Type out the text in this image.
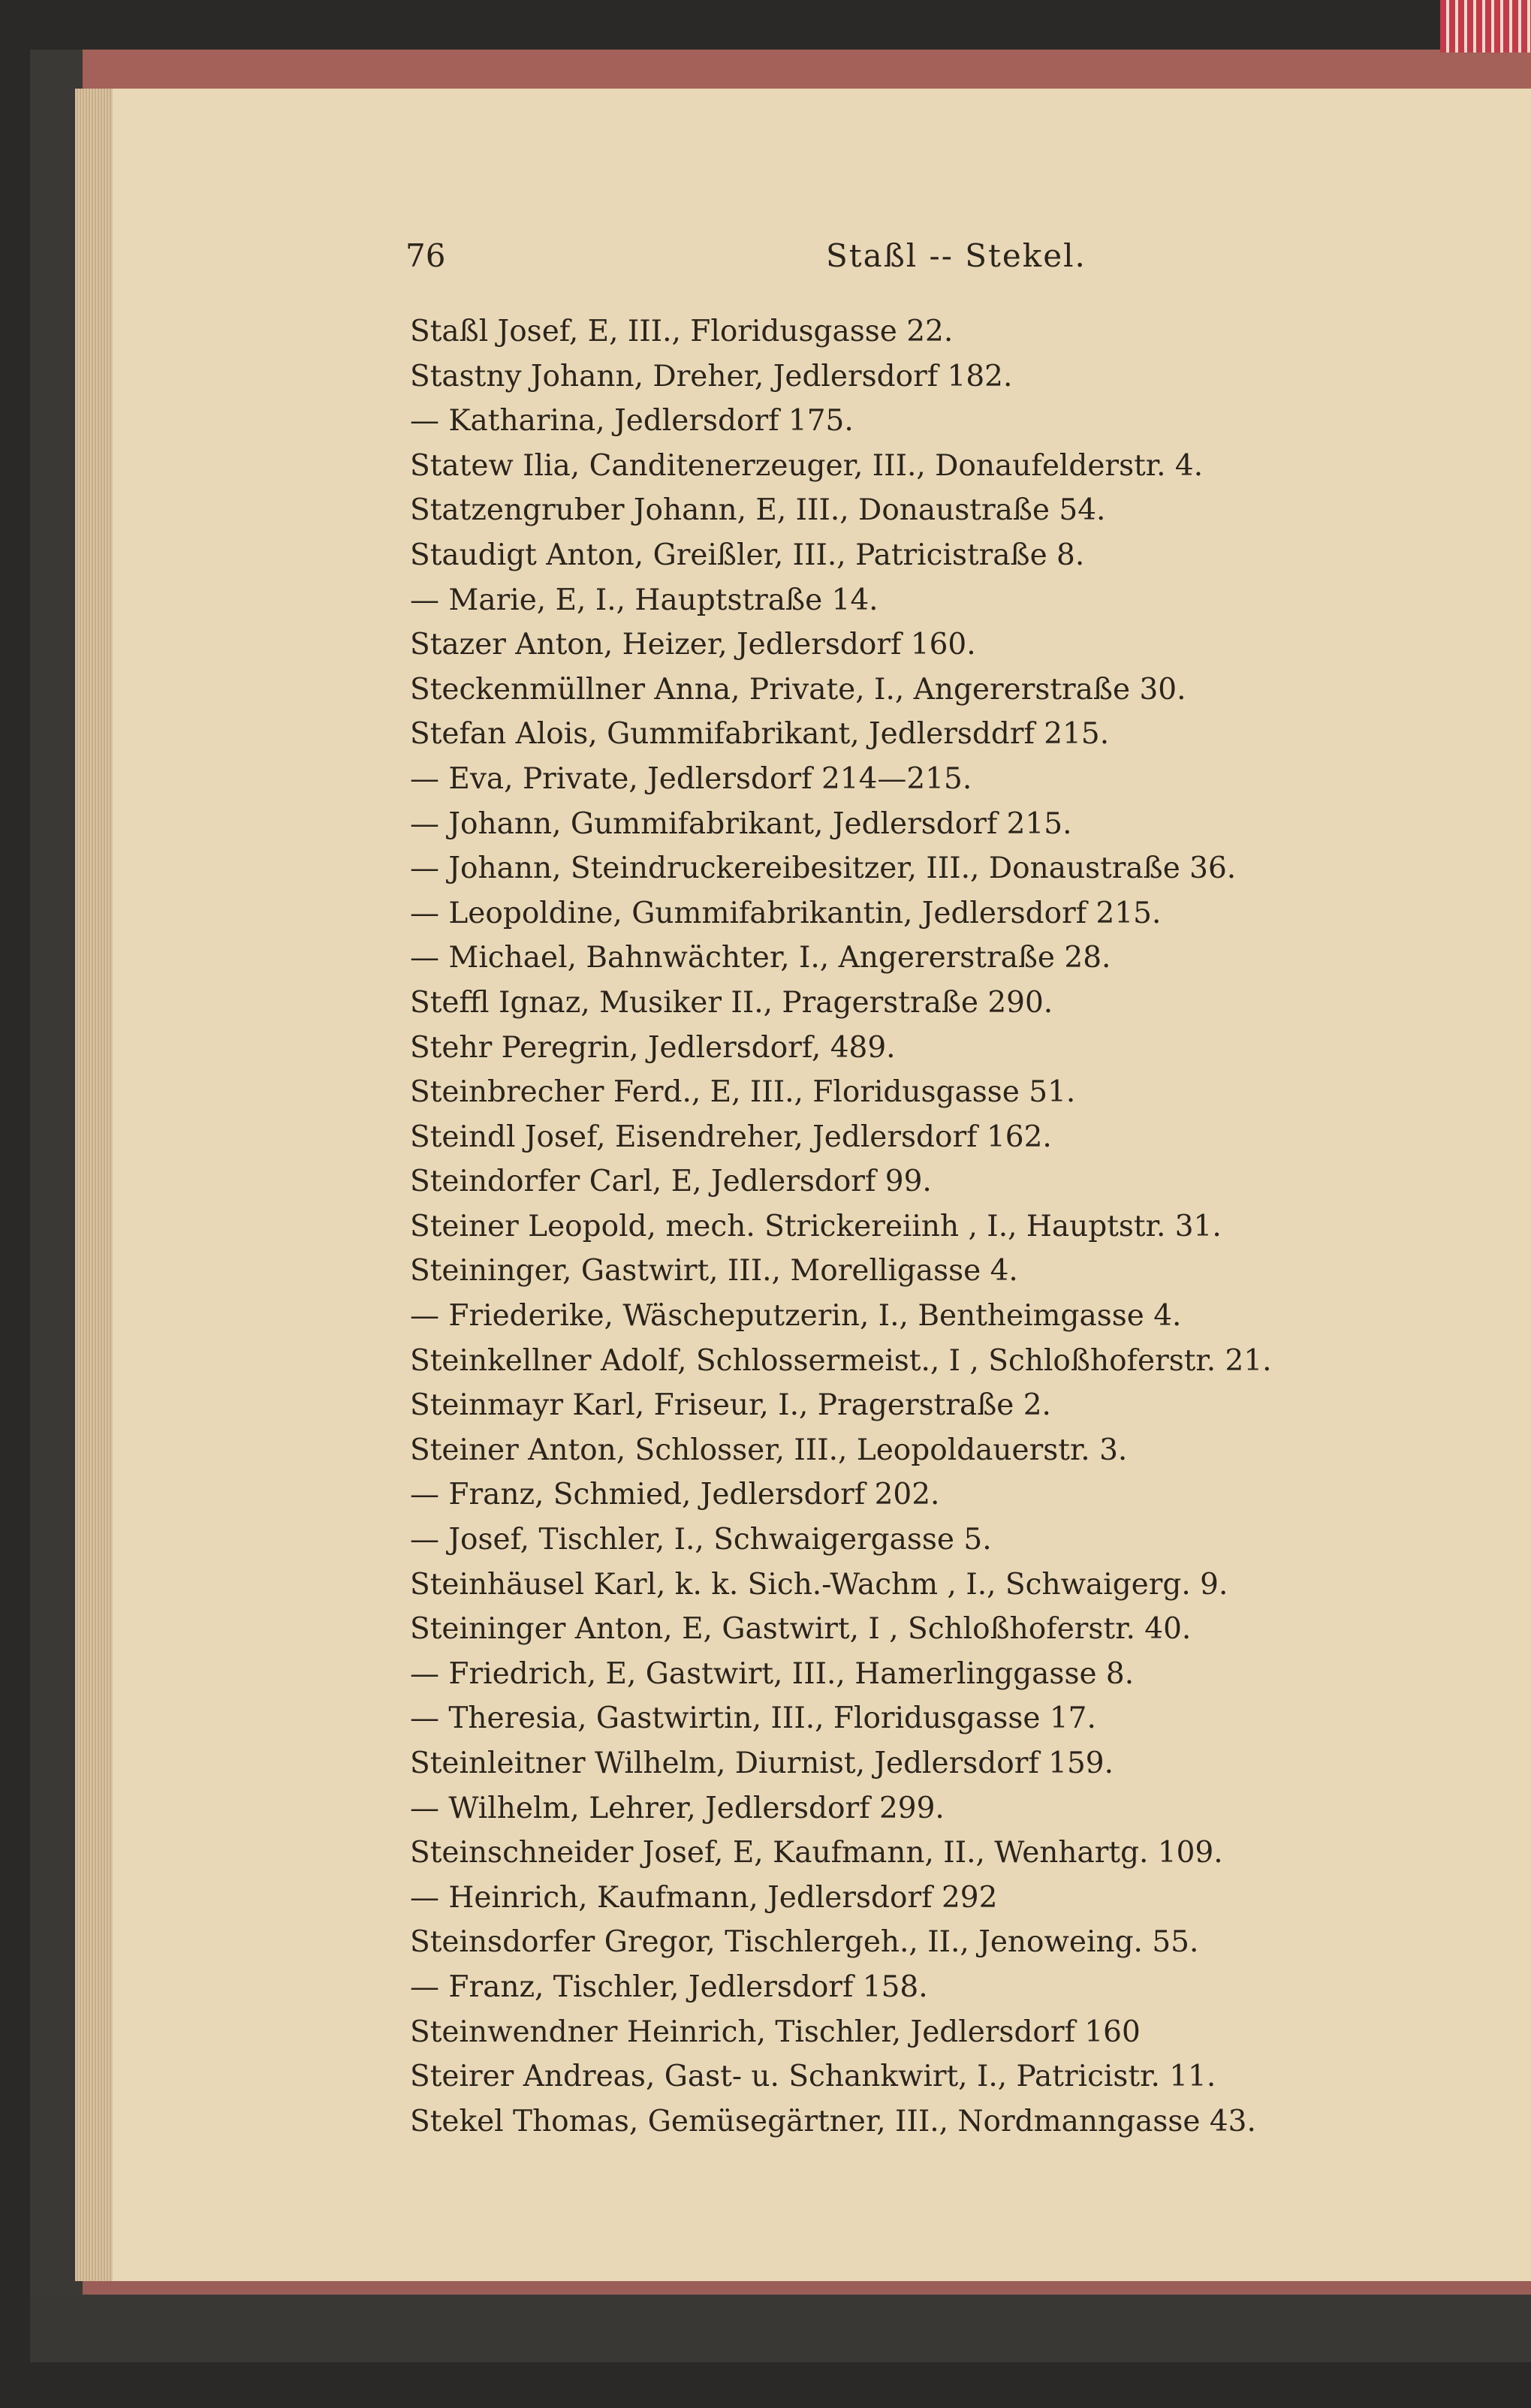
76	Staßl -- Stekel.
Staßl Josef, E, III., Floridusgasse 22.
Stastny Johann, Dreher, Jedlersdorf 182.
— Katharina, Jedlersdorf 175.
Statew Ilia, Canditenerzeuger, III., Donaufelderstr. 4.
Statzengruber Johann, E, III., Donaustraße 54.
Staudigt Anton, Greißler, III., Patricistraße 8.
— Marie, E, I., Hauptstraße 14.
Stazer Anton, Heizer, Jedlersdorf 160.
Steckenmüllner Anna, Private, I., Angererstraße 30.
Stefan Alois, Gummifabrikant, Jedlersddrf 215.
— Eva, Private, Jedlersdorf 214—215.
— Johann, Gummifabrikant, Jedlersdorf 215.
— Johann, Steindruckereibesitzer, III., Donaustraße 36.
— Leopoldine, Gummifabrikantin, Jedlersdorf 215.
— Michael, Bahnwächter, I., Angererstraße 28.
Steffl Ignaz, Musiker II., Pragerstraße 290.
Stehr Peregrin, Jedlersdorf, 489.
Steinbrecher Ferd., E, III., Floridusgasse 51.
Steindl Josef, Eisendreher, Jedlersdorf 162.
Steindorfer Carl, E, Jedlersdorf 99.
Steiner Leopold, mech. Strickereiinh , I., Hauptstr. 31.
Steininger, Gastwirt, III., Morelligasse 4.
— Friederike, Wäscheputzerin, I., Bentheimgasse 4.
Steinkellner Adolf, Schlossermeist., I , Schloßhoferstr. 21.
Steinmayr Karl, Friseur, I., Pragerstraße 2.
Steiner Anton, Schlosser, III., Leopoldauerstr. 3.
— Franz, Schmied, Jedlersdorf 202.
— Josef, Tischler, I., Schwaigergasse 5.
Steinhäusel Karl, k. k. Sich.-Wachm , I., Schwaigerg. 9.
Steininger Anton, E, Gastwirt, I , Schloßhoferstr. 40.
— Friedrich, E, Gastwirt, III., Hamerlinggasse 8.
— Theresia, Gastwirtin, III., Floridusgasse 17.
Steinleitner Wilhelm, Diurnist, Jedlersdorf 159.
— Wilhelm, Lehrer, Jedlersdorf 299.
Steinschneider Josef, E, Kaufmann, II., Wenhartg. 109.
— Heinrich, Kaufmann, Jedlersdorf 292
Steinsdorfer Gregor, Tischlergeh., II., Jenoweing. 55.
— Franz, Tischler, Jedlersdorf 158.
Steinwendner Heinrich, Tischler, Jedlersdorf 160
Steirer Andreas, Gast- u. Schankwirt, I., Patricistr. 11.
Stekel Thomas, Gemüsegärtner, III., Nordmanngasse 43.
